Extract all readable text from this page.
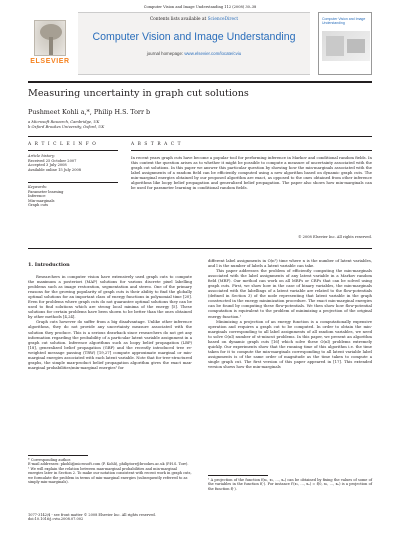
Computer Vision and Image Understanding 112 (2008) 30–38
ELSEVIER
Contents lists available at ScienceDirect
Computer Vision and Image Understanding
journal homepage: www.elsevier.com/locate/cviu
Computer Vision and Image Understanding
Measuring uncertainty in graph cut solutions
Pushmeet Kohli a,*, Philip H.S. Torr b
a Microsoft Research, Cambridge, UK
b Oxford Brookes University, Oxford, UK
A R T I C L E I N F O	A B S T R A C T
Article history:
Received 25 October 2007
Accepted 3 July 2008
Available online 15 July 2008
Keywords:
Parameter learning
Inference
Min-marginals
Graph cuts
In recent years graph cuts have become a popular tool for performing inference in Markov and conditional random fields. In this context the question arises as to whether it might be possible to compute a measure of uncertainty associated with the graph cut solutions. In this paper we answer this particular question by showing how the min-marginals associated with the label assignments of a random field can be efficiently computed using a new algorithm based on dynamic graph cuts. The min-marginal energies obtained by our proposed algorithm are exact, as opposed to the ones obtained from other inference algorithms like loopy belief propagation and generalized belief propagation. The paper also shows how min-marginals can be used for parameter learning in conditional random fields.
© 2008 Elsevier Inc. All rights reserved.
1. Introduction

Researchers in computer vision have extensively used graph cuts to compute the maximum a posteriori (MAP) solutions for various discrete pixel labelling problems such as image restoration, segmentation and stereo. One of the primary reasons for the growing popularity of graph cuts is their ability to find the globally optimal solutions for an important class of energy functions in polynomial time [20]. Even for problems where graph cuts do not guarantee optimal solutions they can be used to find solutions which are strong local minima of the energy [5]. These solutions for certain problems have been shown to be better than the ones obtained by other methods [4,24].

Graph cuts however do suffer from a big disadvantage. Unlike other inference algorithms, they do not provide any uncertainty measure associated with the solution they produce. This is a serious drawback since researchers do not get any information regarding the probability of a particular latent variable assignment in a graph cut solution. Inference algorithms such as loopy belief propagation (LBP) [18], generalized belief propagation (GBP) and the recently introduced tree re-weighted message passing (TRW) [19,27] compute approximate marginal or min-marginal energies associated with each latent variable. Note that for tree-structured graphs, the simple max-product belief propagation algorithm gives the exact max-marginal probabilities/min-marginal energies¹ for

different label assignments in O(n²) time where n is the number of latent variables, and l is the number of labels a latent variable can take.

This paper addresses the problem of efficiently computing the min-marginals associated with the label assignments of any latent variable in a Markov random field (MRF). Our method can work on all MRFs or CRFs that can be solved using graph cuts. First, we show how in the case of binary variables, the min-marginals associated with the labellings of a latent variable are related to the flow-potentials (defined in Section 3) of the node representing that latent variable in the graph constructed in the energy minimization procedure. The exact min-marginal energies can be found by computing these flow-potentials. We then show how flow-potential computation is equivalent to the problem of minimizing a projection of the original energy function.¹

Minimizing a projection of an energy function is a computationally expensive operation and requires a graph cut to be computed. In order to obtain the min-marginals corresponding to all label assignments of all random variables, we need to solve O(nl) number of st-mincut problems. In this paper, we present an algorithm based on dynamic graph cuts [16] which solve these O(nl) problems extremely quickly. Our experiments show that the running time of this algorithm i.e. the time taken for it to compute the min-marginals corresponding to all latent variable label assignments is of the same order of magnitude as the time taken to compute a single graph cut. The first version of this paper appeared in [17]. This extended version shows how the min-marginals

* Corresponding author.
E-mail addresses: pkohli@microsoft.com (P. Kohli), philiptorr@brookes.ac.uk (P.H.S. Torr).
¹ We will explain the relation between max-marginal probabilities and min-marginal energies later in Section 2. To make our notation consistent with recent work in graph cuts, we formulate the problem in terms of min-marginal energies (subsequently referred to as simply min-marginals).
¹ A projection of the function f(x₁, x₂, …, xₙ) can be obtained by fixing the values of some of the variables in the function f(·). For instance f′(x₁, …, xₙ) = f(0, x₂, …, xₙ) is a projection of the function f(·).
1077-3142/$ - see front matter © 2008 Elsevier Inc. All rights reserved.
doi:10.1016/j.cviu.2008.07.002
